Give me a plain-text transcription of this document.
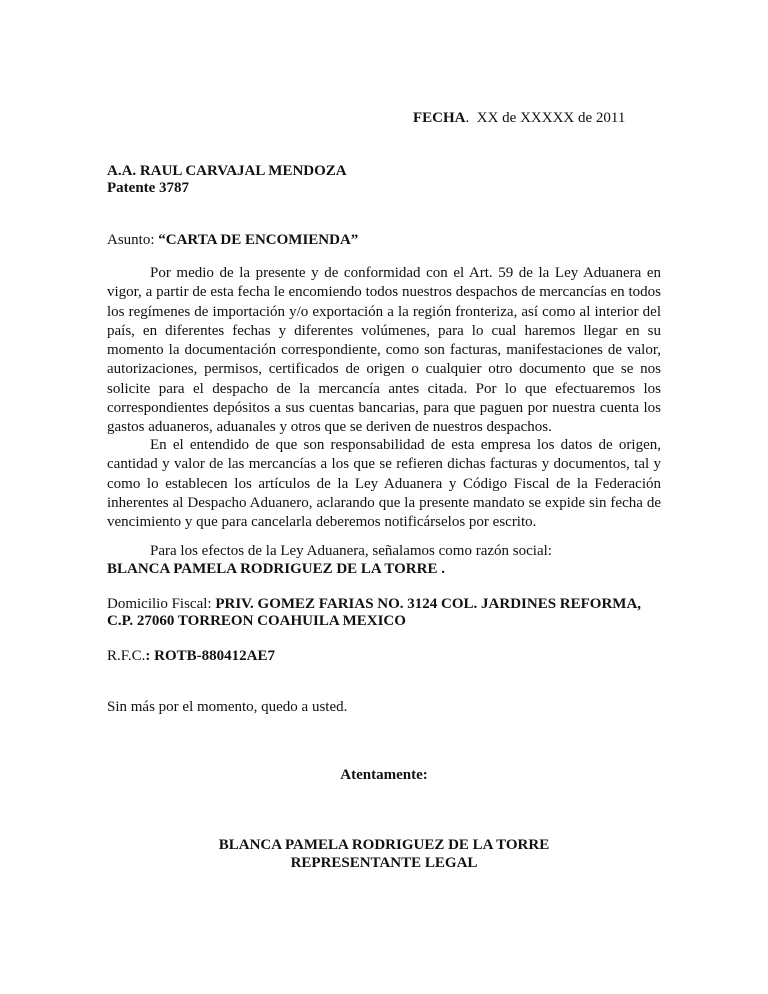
FECHA. XX de XXXXX de 2011
A.A. RAUL CARVAJAL MENDOZA
Patente 3787
Asunto: “CARTA DE ENCOMIENDA”

Por medio de la presente y de conformidad con el Art. 59 de la Ley Aduanera en vigor, a partir de esta fecha le encomiendo todos nuestros despachos de mercancías en todos los regímenes de importación y/o exportación a la región fronteriza, así como al interior del país, en diferentes fechas y diferentes volúmenes, para lo cual haremos llegar en su momento la documentación correspondiente, como son facturas, manifestaciones de valor, autorizaciones, permisos, certificados de origen o cualquier otro documento que se nos solicite para el despacho de la mercancía antes citada. Por lo que efectuaremos los correspondientes depósitos a sus cuentas bancarias, para que paguen por nuestra cuenta los gastos aduaneros, aduanales y otros que se deriven de nuestros despachos.

En el entendido de que son responsabilidad de esta empresa los datos de origen, cantidad y valor de las mercancías a los que se refieren dichas facturas y documentos, tal y como lo establecen los artículos de la Ley Aduanera y Código Fiscal de la Federación inherentes al Despacho Aduanero, aclarando que la presente mandato se expide sin fecha de vencimiento y que para cancelarla deberemos notificárselos por escrito.

Para los efectos de la Ley Aduanera, señalamos como razón social:
BLANCA PAMELA RODRIGUEZ DE LA TORRE .
Domicilio Fiscal: PRIV. GOMEZ FARIAS NO. 3124 COL. JARDINES REFORMA,
C.P. 27060 TORREON COAHUILA MEXICO
R.F.C.: ROTB-880412AE7
Sin más por el momento, quedo a usted.
Atentamente:
BLANCA PAMELA RODRIGUEZ DE LA TORRE
REPRESENTANTE LEGAL
